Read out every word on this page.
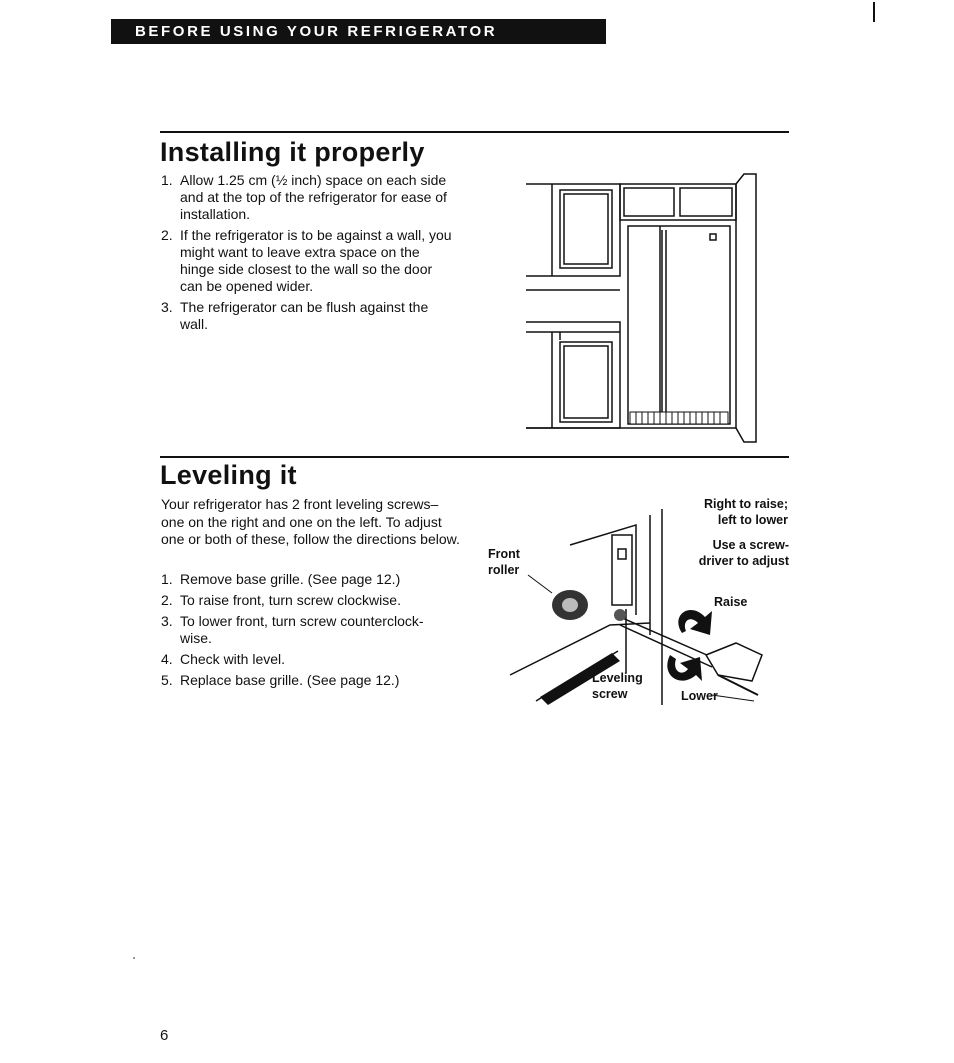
BEFORE USING YOUR REFRIGERATOR
Installing it properly
1. Allow 1.25 cm (½ inch) space on each side and at the top of the refrigerator for ease of installation.
2. If the refrigerator is to be against a wall, you might want to leave extra space on the hinge side closest to the wall so the door can be opened wider.
3. The refrigerator can be flush against the wall.
Leveling it

Your refrigerator has 2 front leveling screws–one on the right and one on the left. To adjust one or both of these, follow the directions below.

1. Remove base grille. (See page 12.)
2. To raise front, turn screw clockwise.
3. To lower front, turn screw counterclock-wise.
4. Check with level.
5. Replace base grille. (See page 12.)
Right to raise; left to lower
Use a screw-driver to adjust
Front roller
Raise
Leveling screw	Lower
6
